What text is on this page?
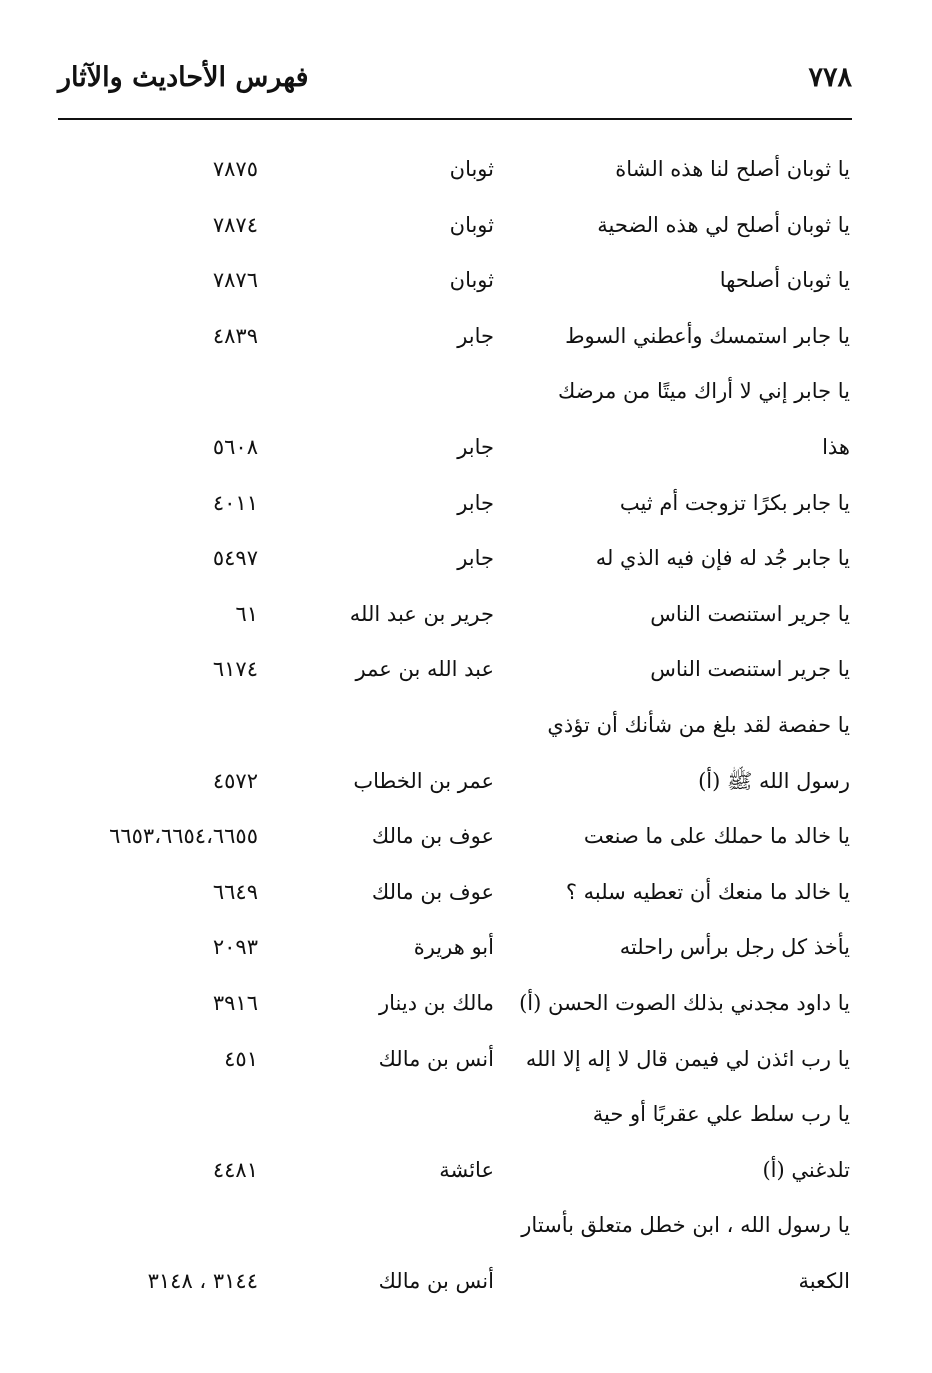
فهرس الأحاديث والآثار	٧٧٨
يا ثوبان أصلح لنا هذه الشاة
ثوبان
٧٨٧٥
يا ثوبان أصلح لي هذه الضحية
ثوبان
٧٨٧٤
يا ثوبان أصلحها
ثوبان
٧٨٧٦
يا جابر استمسك وأعطني السوط
جابر
٤٨٣٩
يا جابر إني لا أراك ميتًا من مرضك
هذا
جابر
٥٦٠٨
يا جابر بكرًا تزوجت أم ثيب
جابر
٤٠١١
يا جابر جُد له فإن فيه الذي له
جابر
٥٤٩٧
يا جرير استنصت الناس
جرير بن عبد الله
٦١
يا جرير استنصت الناس
عبد الله بن عمر
٦١٧٤
يا حفصة لقد بلغ من شأنك أن تؤذي
رسول الله ﷺ (أ)
عمر بن الخطاب
٤٥٧٢
يا خالد ما حملك على ما صنعت
عوف بن مالك
٦٦٥٣،٦٦٥٤،٦٦٥٥
يا خالد ما منعك أن تعطيه سلبه ؟
عوف بن مالك
٦٦٤٩
يأخذ كل رجل برأس راحلته
أبو هريرة
٢٠٩٣
يا داود مجدني بذلك الصوت الحسن (أ)
مالك بن دينار
٣٩١٦
يا رب ائذن لي فيمن قال لا إله إلا الله
أنس بن مالك
٤٥١
يا رب سلط علي عقربًا أو حية
تلدغني (أ)
عائشة
٤٤٨١
يا رسول الله ، ابن خطل متعلق بأستار
الكعبة
أنس بن مالك
٣١٤٤ ، ٣١٤٨
